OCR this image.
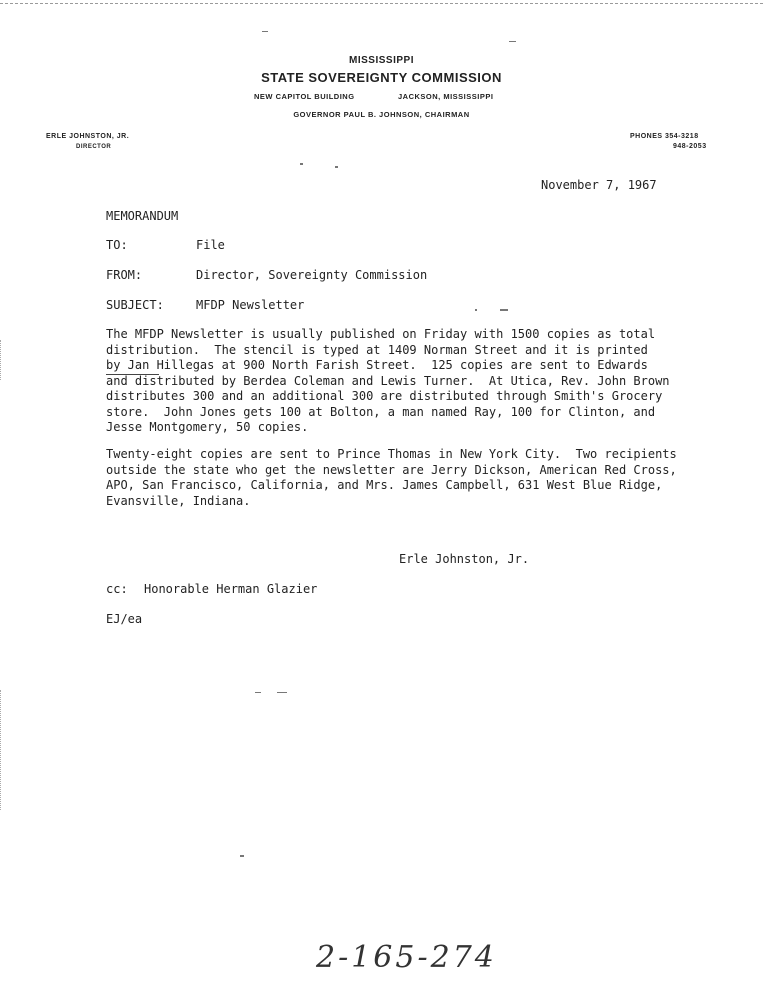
MISSISSIPPI
STATE SOVEREIGNTY COMMISSION
NEW CAPITOL BUILDING	JACKSON, MISSISSIPPI
GOVERNOR PAUL B. JOHNSON, CHAIRMAN
ERLE JOHNSTON, JR.
DIRECTOR
PHONES 354-3218
948-2053
November 7, 1967
MEMORANDUM
TO:	File
FROM:	Director, Sovereignty Commission
SUBJECT:	MFDP Newsletter
The MFDP Newsletter is usually published on Friday with 1500 copies as total
distribution.  The stencil is typed at 1409 Norman Street and it is printed
by Jan Hillegas at 900 North Farish Street.  125 copies are sent to Edwards
and distributed by Berdea Coleman and Lewis Turner.  At Utica, Rev. John Brown
distributes 300 and an additional 300 are distributed through Smith's Grocery
store.  John Jones gets 100 at Bolton, a man named Ray, 100 for Clinton, and
Jesse Montgomery, 50 copies.
Twenty-eight copies are sent to Prince Thomas in New York City.  Two recipients
outside the state who get the newsletter are Jerry Dickson, American Red Cross,
APO, San Francisco, California, and Mrs. James Campbell, 631 West Blue Ridge,
Evansville, Indiana.
Erle Johnston, Jr.
cc: Honorable Herman Glazier
EJ/ea
2-165-274
